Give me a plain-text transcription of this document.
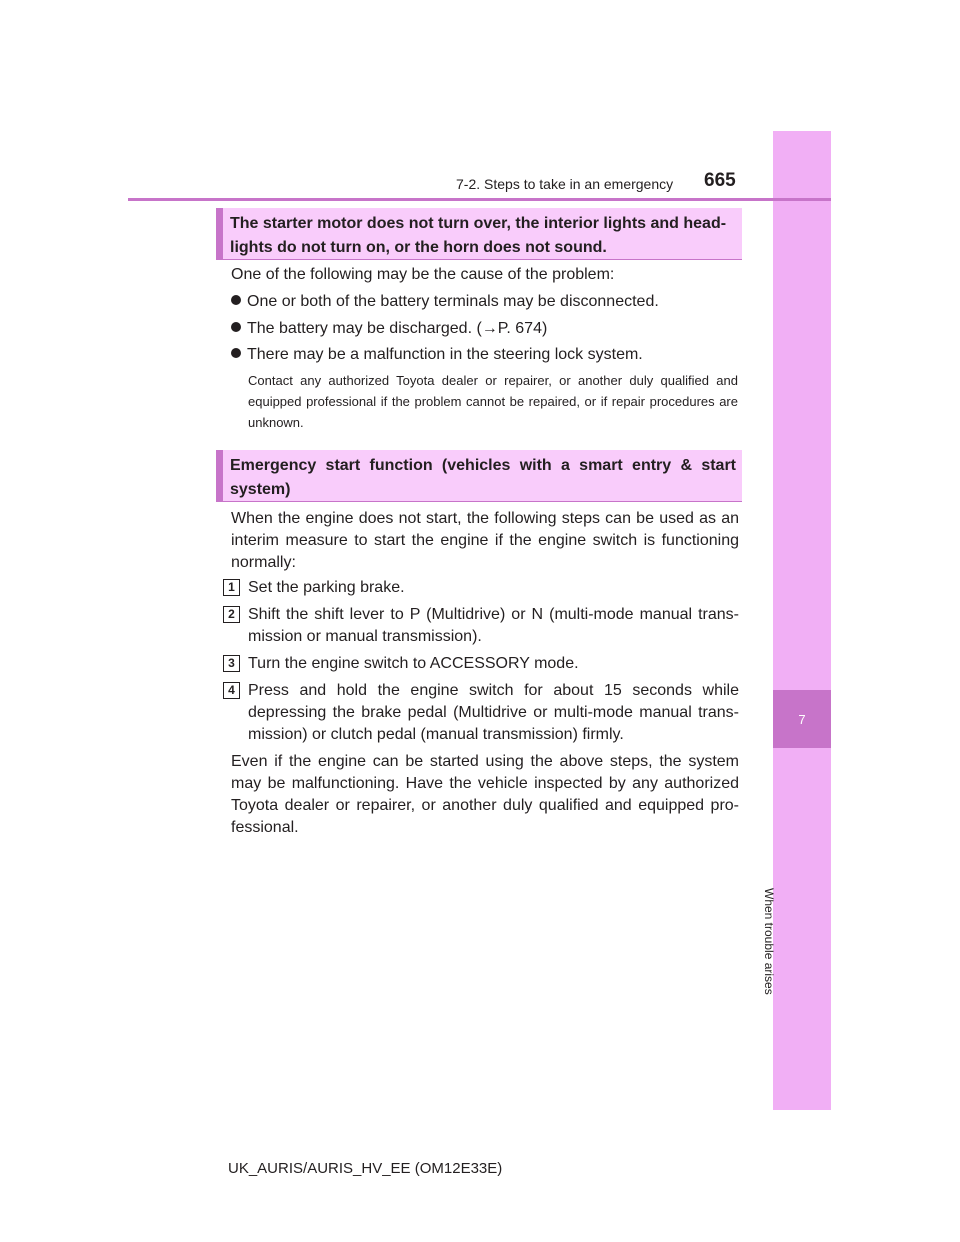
7
When trouble arises
7-2. Steps to take in an emergency 665
The starter motor does not turn over, the interior lights and head-lights do not turn on, or the horn does not sound.
One of the following may be the cause of the problem:
One or both of the battery terminals may be disconnected.
The battery may be discharged. (→P. 674)
There may be a malfunction in the steering lock system.
Contact any authorized Toyota dealer or repairer, or another duly qualified and equipped professional if the problem cannot be repaired, or if repair procedures are unknown.
Emergency start function (vehicles with a smart entry & start system)
When the engine does not start, the following steps can be used as an interim measure to start the engine if the engine switch is functioning normally:
1 Set the parking brake.
2 Shift the shift lever to P (Multidrive) or N (multi-mode manual trans-mission or manual transmission).
3 Turn the engine switch to ACCESSORY mode.
4 Press and hold the engine switch for about 15 seconds while depressing the brake pedal (Multidrive or multi-mode manual trans-mission) or clutch pedal (manual transmission) firmly.
Even if the engine can be started using the above steps, the system may be malfunctioning. Have the vehicle inspected by any authorized Toyota dealer or repairer, or another duly qualified and equipped pro-fessional.
UK_AURIS/AURIS_HV_EE (OM12E33E)
